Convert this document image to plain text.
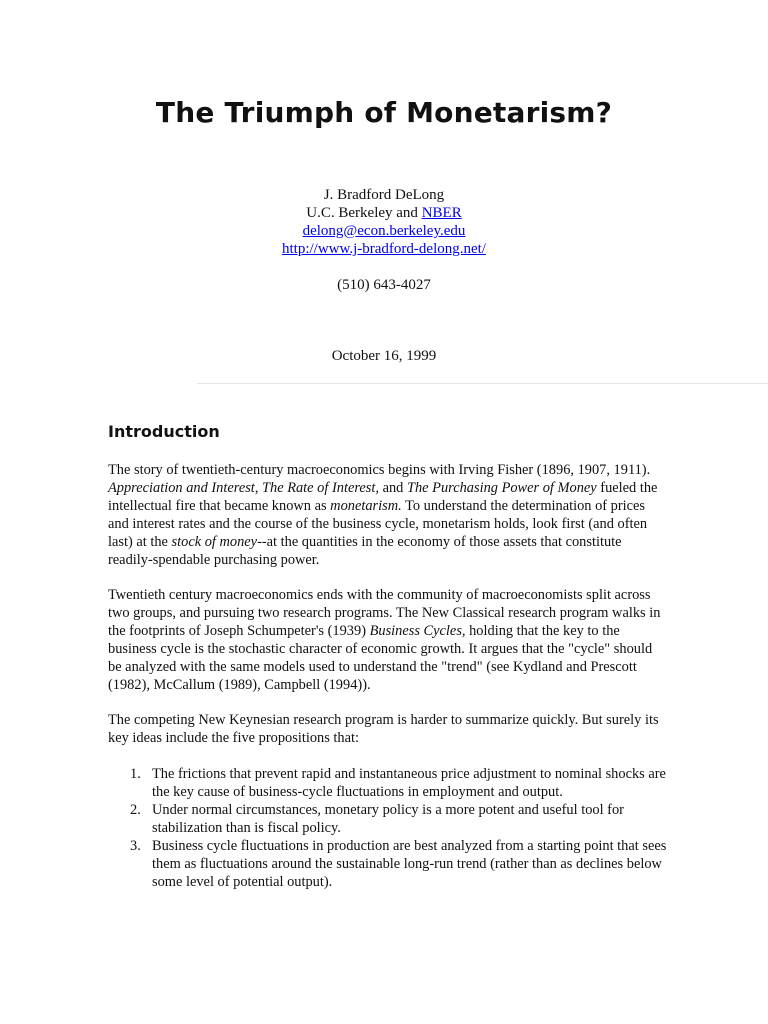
The Triumph of Monetarism?
J. Bradford DeLong
U.C. Berkeley and NBER
delong@econ.berkeley.edu
http://www.j-bradford-delong.net/
(510) 643-4027
October 16, 1999
Introduction

The story of twentieth-century macroeconomics begins with Irving Fisher (1896, 1907, 1911). Appreciation and Interest, The Rate of Interest, and The Purchasing Power of Money fueled the intellectual fire that became known as monetarism. To understand the determination of prices and interest rates and the course of the business cycle, monetarism holds, look first (and often last) at the stock of money--at the quantities in the economy of those assets that constitute readily-spendable purchasing power.

Twentieth century macroeconomics ends with the community of macroeconomists split across two groups, and pursuing two research programs. The New Classical research program walks in the footprints of Joseph Schumpeter's (1939) Business Cycles, holding that the key to the business cycle is the stochastic character of economic growth. It argues that the "cycle" should be analyzed with the same models used to understand the "trend" (see Kydland and Prescott (1982), McCallum (1989), Campbell (1994)).

The competing New Keynesian research program is harder to summarize quickly. But surely its key ideas include the five propositions that:

1. The frictions that prevent rapid and instantaneous price adjustment to nominal shocks are the key cause of business-cycle fluctuations in employment and output.
2. Under normal circumstances, monetary policy is a more potent and useful tool for stabilization than is fiscal policy.
3. Business cycle fluctuations in production are best analyzed from a starting point that sees them as fluctuations around the sustainable long-run trend (rather than as declines below some level of potential output).
